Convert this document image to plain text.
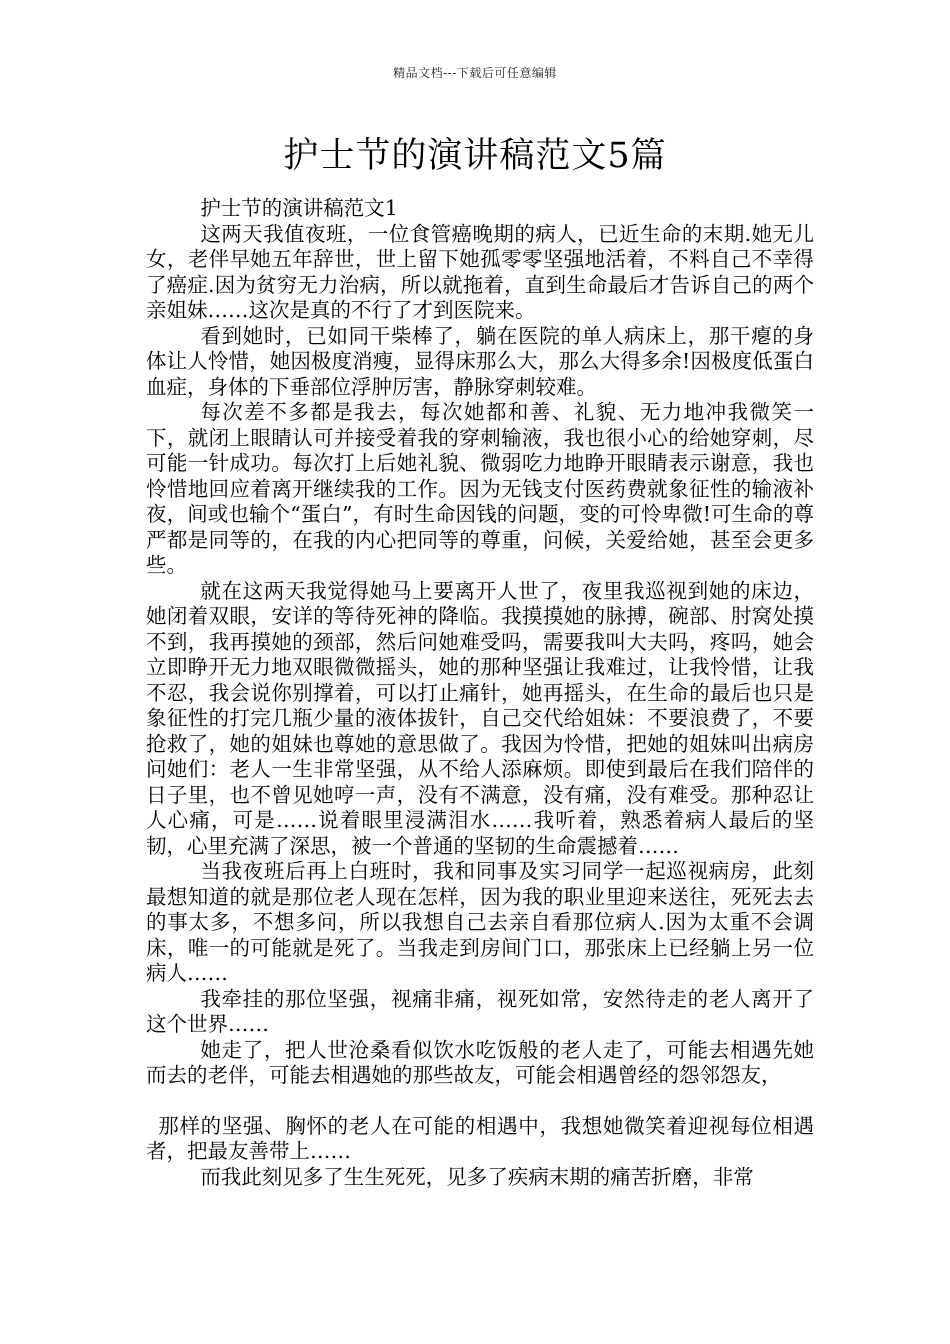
精品文档---下载后可任意编辑
护士节的演讲稿范文5篇

护士节的演讲稿范文1

这两天我值夜班，一位食管癌晚期的病人，已近生命的末期.她无儿女，老伴早她五年辞世，世上留下她孤零零坚强地活着，不料自己不幸得了癌症.因为贫穷无力治病，所以就拖着，直到生命最后才告诉自己的两个亲姐妹……这次是真的不行了才到医院来。

看到她时，已如同干柴棒了，躺在医院的单人病床上，那干瘪的身体让人怜惜，她因极度消瘦，显得床那么大，那么大得多余!因极度低蛋白血症，身体的下垂部位浮肿厉害，静脉穿刺较难。

每次差不多都是我去，每次她都和善、礼貌、无力地冲我微笑一下，就闭上眼睛认可并接受着我的穿刺输液，我也很小心的给她穿刺，尽可能一针成功。每次打上后她礼貌、微弱吃力地睁开眼睛表示谢意，我也怜惜地回应着离开继续我的工作。因为无钱支付医药费就象征性的输液补夜，间或也输个“蛋白”，有时生命因钱的问题，变的可怜卑微!可生命的尊严都是同等的，在我的内心把同等的尊重，问候，关爱给她，甚至会更多些。

就在这两天我觉得她马上要离开人世了，夜里我巡视到她的床边，她闭着双眼，安详的等待死神的降临。我摸摸她的脉搏，碗部、肘窝处摸不到，我再摸她的颈部，然后问她难受吗，需要我叫大夫吗，疼吗，她会立即睁开无力地双眼微微摇头，她的那种坚强让我难过，让我怜惜，让我不忍，我会说你别撑着，可以打止痛针，她再摇头，在生命的最后也只是象征性的打完几瓶少量的液体拔针，自己交代给姐妹：不要浪费了，不要抢救了，她的姐妹也尊她的意思做了。我因为怜惜，把她的姐妹叫出病房问她们：老人一生非常坚强，从不给人添麻烦。即使到最后在我们陪伴的日子里，也不曾见她哼一声，没有不满意，没有痛，没有难受。那种忍让人心痛，可是……说着眼里浸满泪水……我听着，熟悉着病人最后的坚韧，心里充满了深思，被一个普通的坚韧的生命震撼着……

当我夜班后再上白班时，我和同事及实习同学一起巡视病房，此刻最想知道的就是那位老人现在怎样，因为我的职业里迎来送往，死死去去的事太多，不想多问，所以我想自己去亲自看那位病人.因为太重不会调床，唯一的可能就是死了。当我走到房间门口，那张床上已经躺上另一位病人……

我牵挂的那位坚强，视痛非痛，视死如常，安然待走的老人离开了这个世界……

她走了，把人世沧桑看似饮水吃饭般的老人走了，可能去相遇先她而去的老伴，可能去相遇她的那些故友，可能会相遇曾经的怨邻怨友，

那样的坚强、胸怀的老人在可能的相遇中，我想她微笑着迎视每位相遇者，把最友善带上……

而我此刻见多了生生死死，见多了疾病末期的痛苦折磨，非常
